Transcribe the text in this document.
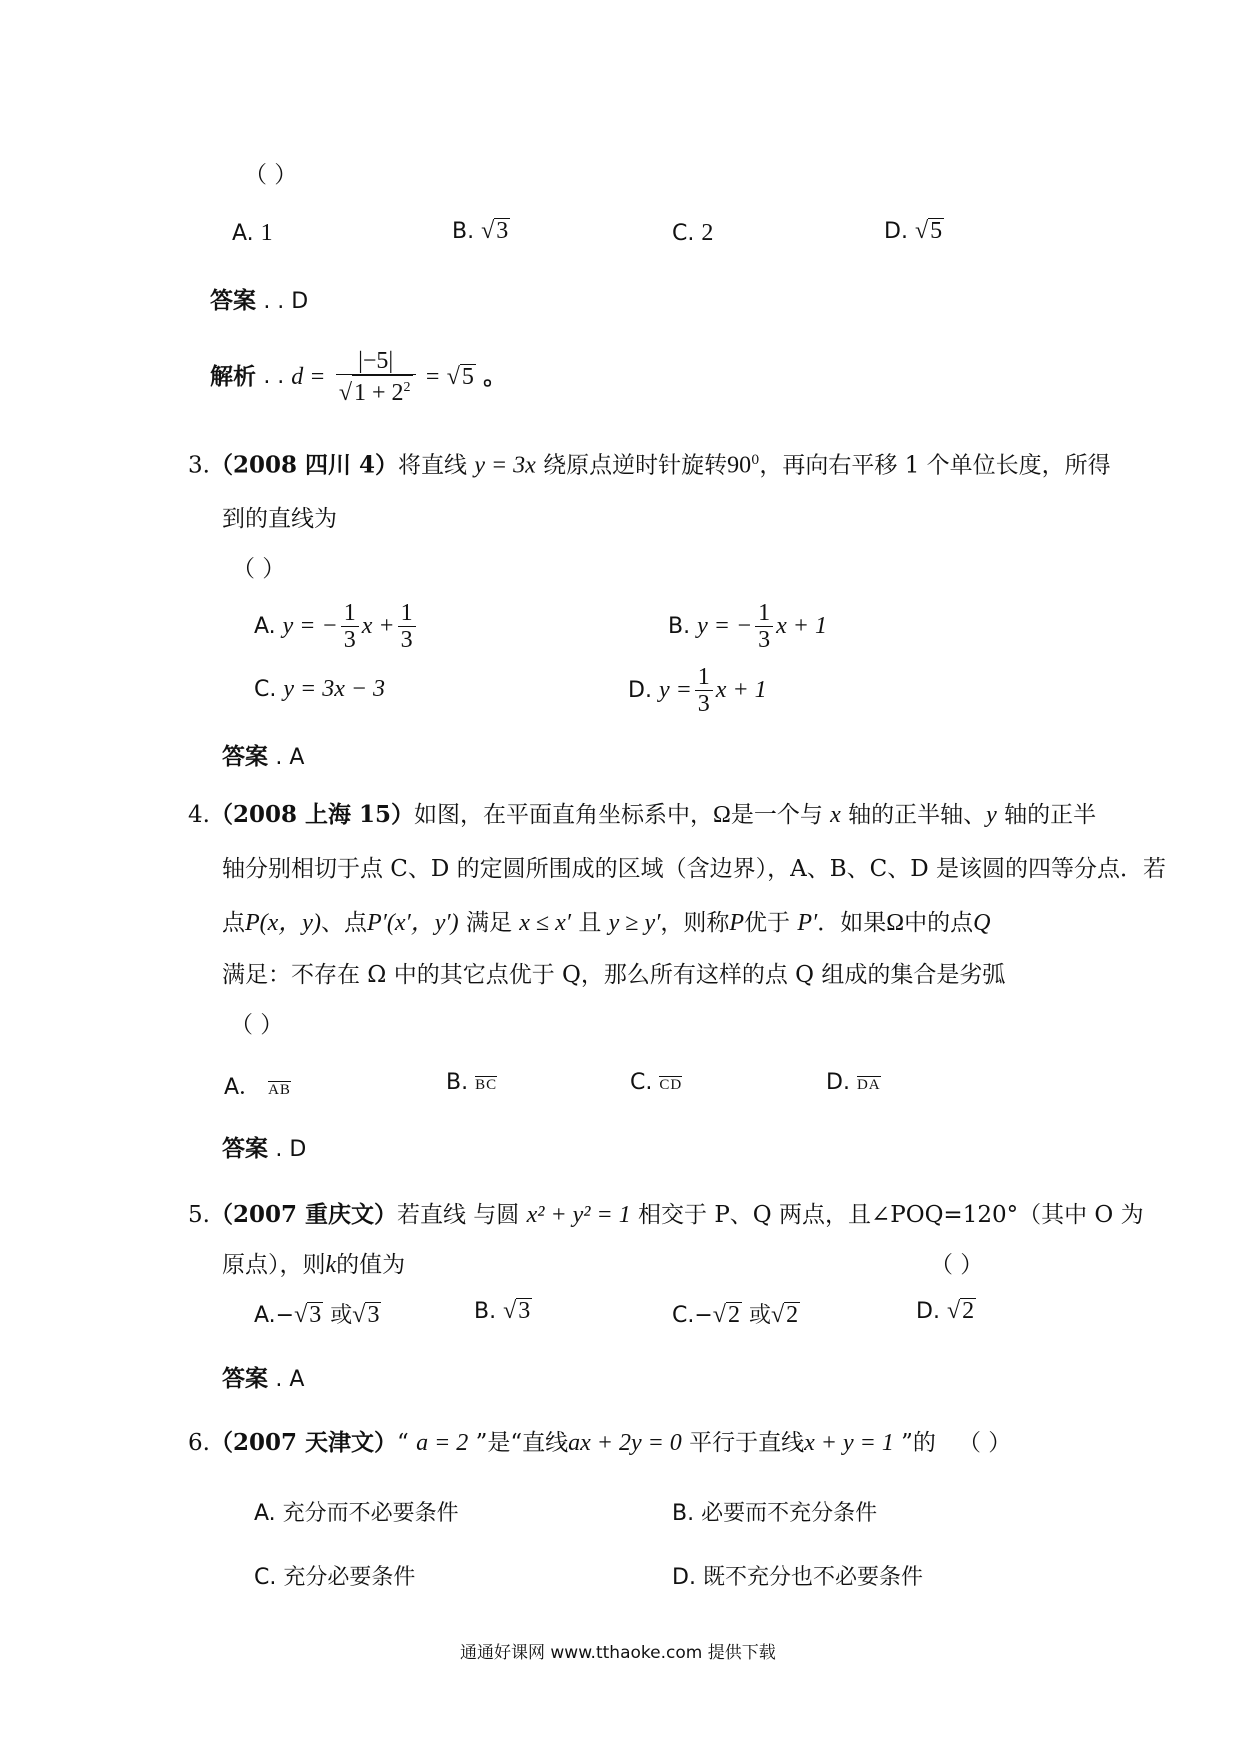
（ ）
A. 1	B. √3	C. 2	D. √5
答案 . . D
解析 . . $d = \frac{|-5|}{√1 + 2^2} = √5$ 。
3.（2008 四川 4）将直线 y = 3x 绕原点逆时针旋转$90^0$，再向右平移 1 个单位长度，所得
到的直线为
（ ）
A. y = − $\frac{1}{3}$ $x + \frac{1}{3}$	B. y = − $\frac{1}{3}$ x + 1
C. y = 3x − 3	D. $y = \frac{1}{3}$ x + 1
答案 . A
4.（2008 上海 15）如图，在平面直角坐标系中，Ω是一个与 x 轴的正半轴、y 轴的正半
轴分别相切于点 C、D 的定圆所围成的区域（含边界），A、B、C、D 是该圆的四等分点．若
点P(x，y)、点P′(x′，y′) 满足 x ≤ x′ 且 y ≥ y′，则称P优于 P′．如果Ω中的点Q
满足：不存在 Ω 中的其它点优于 Q，那么所有这样的点 Q 组成的集合是劣弧
（ ）
A． AB	B. BC	C. CD	D. DA
答案 . D
5.（2007 重庆文）若直线 与圆 x² + y² = 1 相交于 P、Q 两点，且∠POQ=120°（其中 O 为
原点），则k的值为	（ ）
A.−√3 或√3	B. √3	C.−√2 或√2	D. √2
答案 . A
6.（2007 天津文）“ a = 2 ”是“直线ax + 2y = 0 平行于直线x + y = 1 ”的 （ ）
A. 充分而不必要条件	B. 必要而不充分条件
C. 充分必要条件	D. 既不充分也不必要条件
通通好课网 www.tthaoke.com 提供下载
